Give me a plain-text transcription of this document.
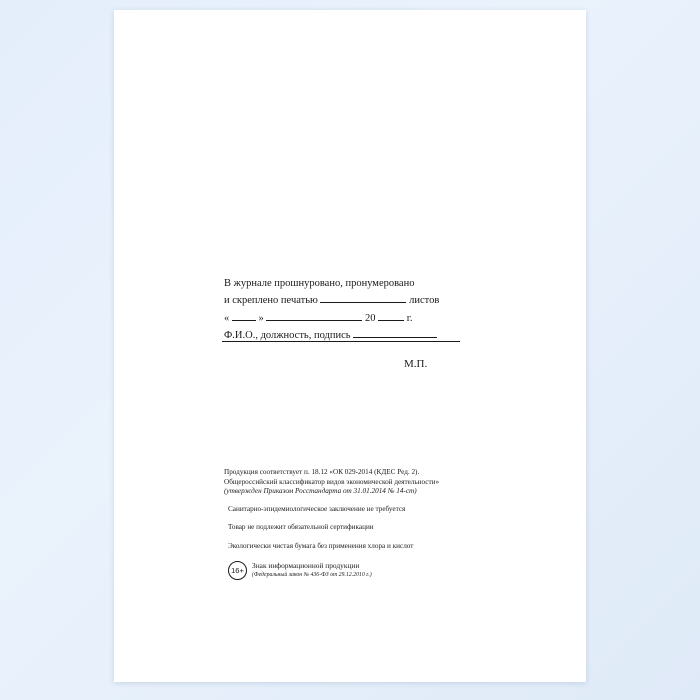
В журнале прошнуровано, пронумеровано
и скреплено печатью	листов
«	»	20	г.
Ф.И.О., должность, подпись
М.П.

Продукция соответствует п. 18.12 «ОК 029-2014 (КДЕС Ред. 2).
Общероссийский классификатор видов экономической деятельности»
(утвержден Приказом Росстандарта от 31.01.2014 № 14-ст)

Санитарно-эпидемиологическое заключение не требуется

Товар не подлежит обязательной сертификации

Экологически чистая бумага без применения хлора и кислот

16+
Знак информационной продукции
(Федеральный закон № 436-ФЗ от 29.12.2010 г.)
